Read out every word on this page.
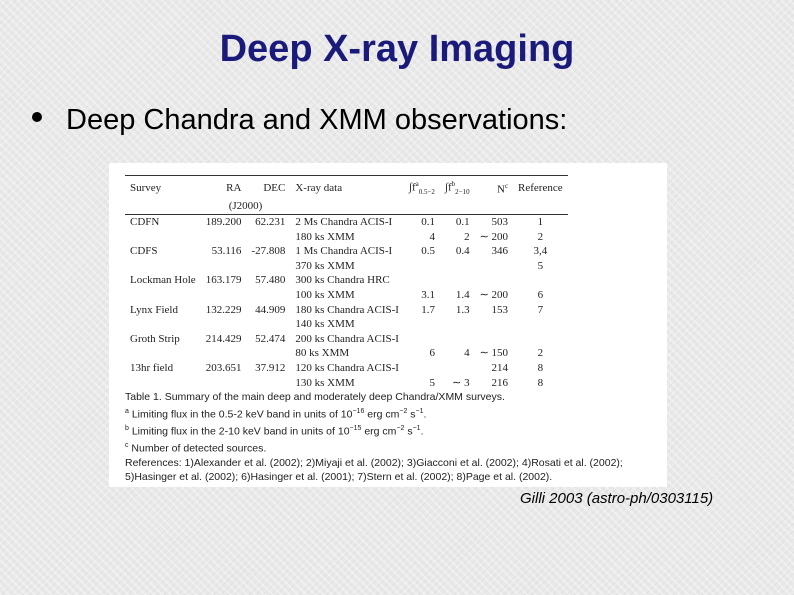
Deep X-ray Imaging
Deep Chandra and XMM observations:
Survey	RA	DEC	X-ray data	$\int f^a_{0.5-2}$	$\int f^b_{2-10}$	$N^c$	Reference
	(J2000)						
CDFN	189.200	62.231	2 Ms Chandra ACIS-I	0.1	0.1	503	1
			180 ks XMM	4	2	∼ 200	2
CDFS	53.116	-27.808	1 Ms Chandra ACIS-I	0.5	0.4	346	3,4
			370 ks XMM				5
Lockman Hole	163.179	57.480	300 ks Chandra HRC				
			100 ks XMM	3.1	1.4	∼ 200	6
Lynx Field	132.229	44.909	180 ks Chandra ACIS-I	1.7	1.3	153	7
			140 ks XMM				
Groth Strip	214.429	52.474	200 ks Chandra ACIS-I				
			80 ks XMM	6	4	∼ 150	2
13hr field	203.651	37.912	120 ks Chandra ACIS-I			214	8
			130 ks XMM	5	∼ 3	216	8
Table 1. Summary of the main deep and moderately deep Chandra/XMM surveys.
$^a$ Limiting flux in the 0.5-2 keV band in units of $10^{-16}$ erg $cm^{-2}$ $s^{-1}$.
$^b$ Limiting flux in the 2-10 keV band in units of $10^{-15}$ erg $cm^{-2}$ $s^{-1}$.
$^c$ Number of detected sources.
References: 1)Alexander et al. (2002); 2)Miyaji et al. (2002); 3)Giacconi et al. (2002); 4)Rosati et al. (2002);
5)Hasinger et al. (2002); 6)Hasinger et al. (2001); 7)Stern et al. (2002); 8)Page et al. (2002).
Gilli 2003 (astro-ph/0303115)
